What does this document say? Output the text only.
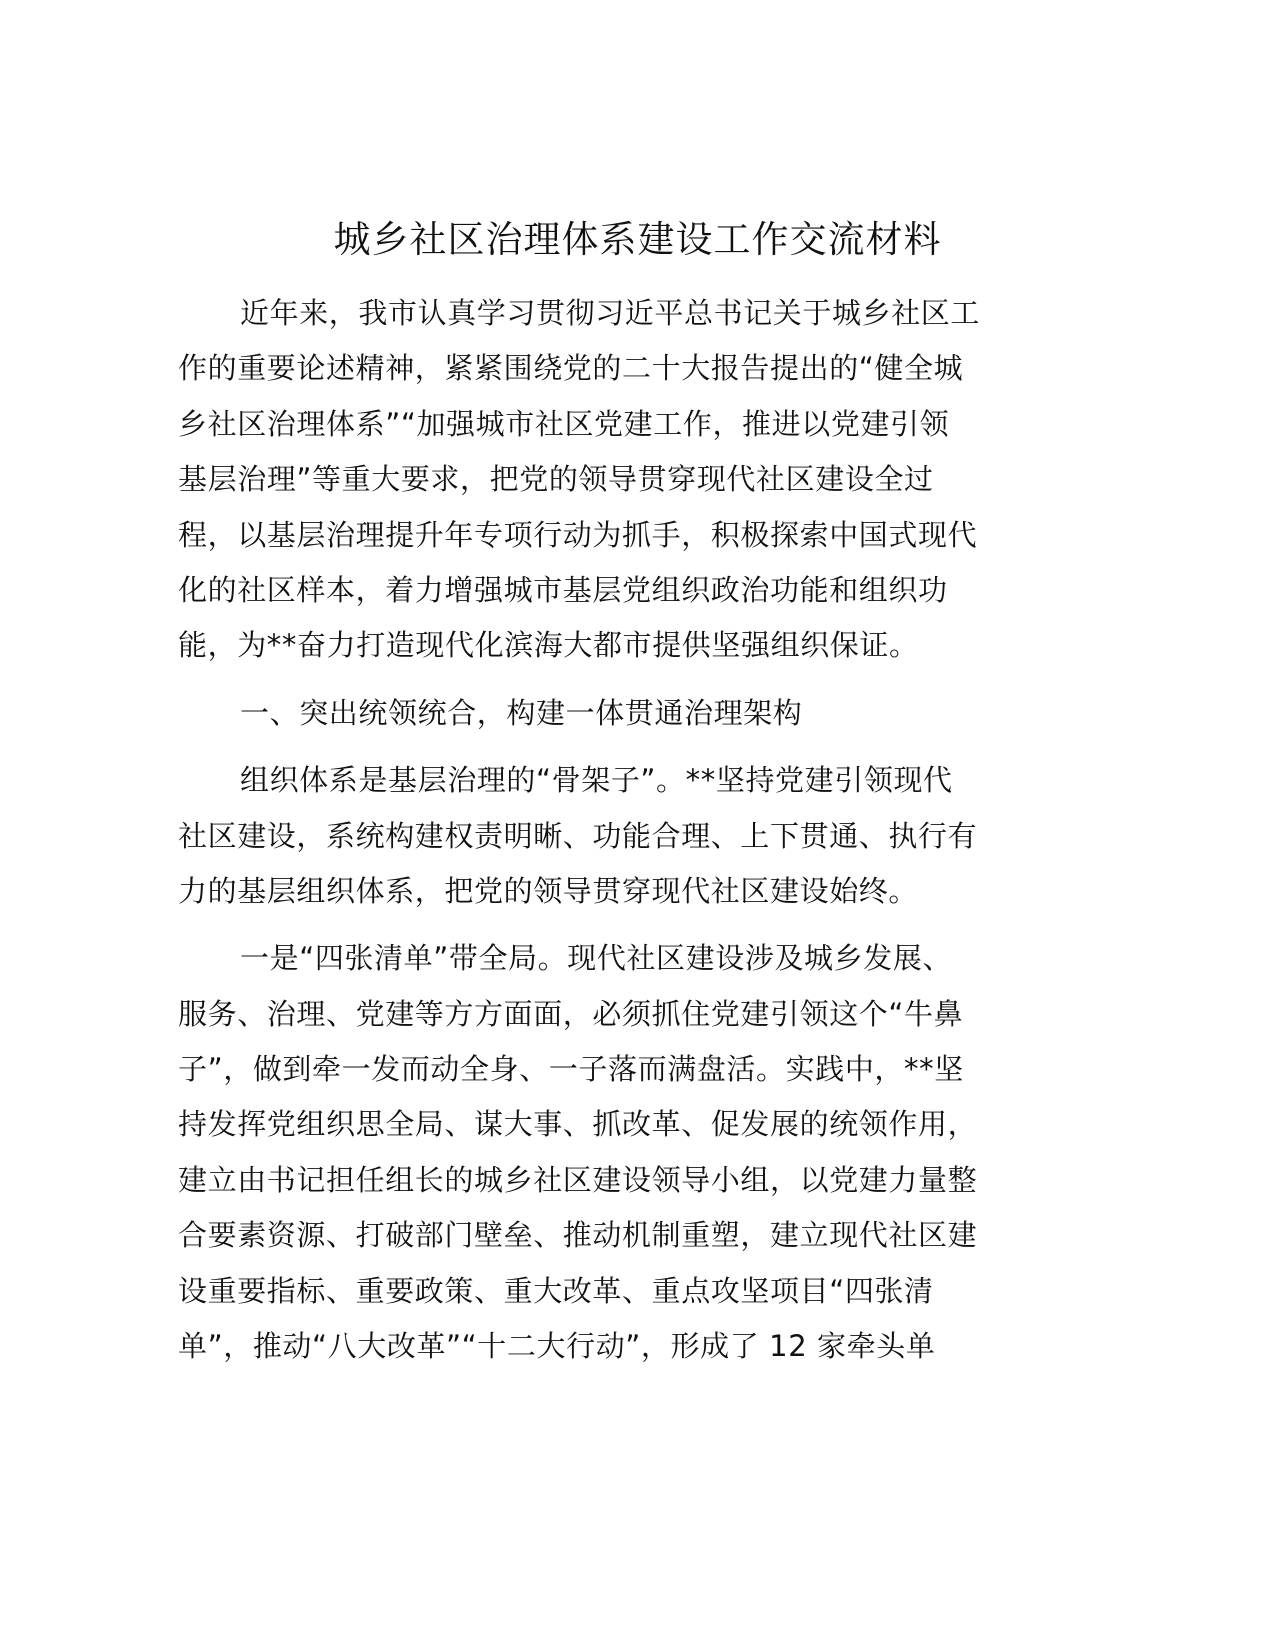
城乡社区治理体系建设工作交流材料
近年来，我市认真学习贯彻习近平总书记关于城乡社区工
作的重要论述精神，紧紧围绕党的二十大报告提出的“健全城
乡社区治理体系”“加强城市社区党建工作，推进以党建引领
基层治理”等重大要求，把党的领导贯穿现代社区建设全过
程，以基层治理提升年专项行动为抓手，积极探索中国式现代
化的社区样本，着力增强城市基层党组织政治功能和组织功
能，为**奋力打造现代化滨海大都市提供坚强组织保证。
一、突出统领统合，构建一体贯通治理架构
组织体系是基层治理的“骨架子”。**坚持党建引领现代
社区建设，系统构建权责明晰、功能合理、上下贯通、执行有
力的基层组织体系，把党的领导贯穿现代社区建设始终。
一是“四张清单”带全局。现代社区建设涉及城乡发展、
服务、治理、党建等方方面面，必须抓住党建引领这个“牛鼻
子”，做到牵一发而动全身、一子落而满盘活。实践中，**坚
持发挥党组织思全局、谋大事、抓改革、促发展的统领作用，
建立由书记担任组长的城乡社区建设领导小组，以党建力量整
合要素资源、打破部门壁垒、推动机制重塑，建立现代社区建
设重要指标、重要政策、重大改革、重点攻坚项目“四张清
单”，推动“八大改革”“十二大行动”，形成了 12 家牵头单
